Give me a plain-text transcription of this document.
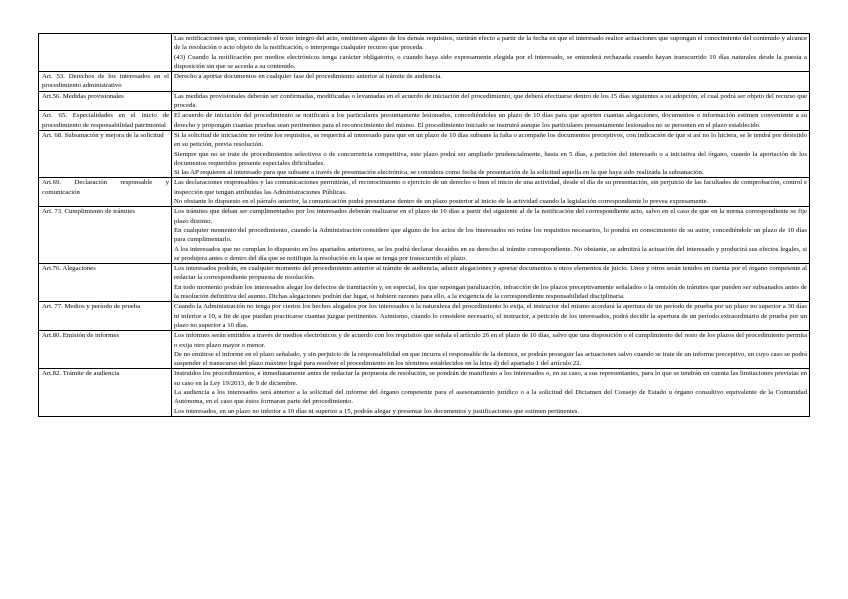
	Las notificaciones que, conteniendo el texto íntegro del acto, omitiesen alguno de los demás requisitos, surtirán efecto a partir de la fecha en que el interesado realice actuaciones que supongan el conocimiento del contenido y alcance de la resolución o acto objeto de la notificación, o interponga cualquier recurso que proceda.

(43) Cuando la notificación por medios electrónicos tenga carácter obligatorio, o cuando haya sido expresamente elegida por el interesado, se entenderá rechazada cuando hayan transcurrido 10 días naturales desde la puesta a disposición sin que se acceda a su contenido.

Art. 53. Derechos de los interesados en el procedimiento administrativo	Derecho a aportar documentos en cualquier fase del procedimiento anterior al trámite de audiencia.

Art.56. Medidas provisionales	Las medidas provisionales deberán ser confirmadas, modificadas o levantadas en el acuerdo de iniciación del procedimiento, que deberá efectuarse dentro de los 15 días siguientes a su adopción, el cual podrá ser objeto del recurso que proceda.

Art. 65. Especialidades en el inicio de procedimiento de responsabilidad patrimonial	El acuerdo de iniciación del procedimiento se notificará a los particulares presuntamente lesionados, concediéndoles un plazo de 10 días para que aporten cuantas alegaciones, documentos o información estimen conveniente a su derecho y propongan cuantas pruebas sean pertinentes para el reconocimiento del mismo. El procedimiento iniciado se instruirá aunque los particulares presuntamente lesionados no se personen en el plazo establecido.

Art. 68. Subsanación y mejora de la solicitud	Si la solicitud de iniciación no reúne los requisitos, se requerirá al interesado para que en un plazo de 10 días subsane la falta o acompañe los documentos preceptivos, con indicación de que si así no lo hiciera, se le tendrá por desistido en su petición, previa resolución.

Siempre que no se trate de procedimientos selectivos o de concurrencia competitiva, este plazo podrá ser ampliado prudencialmente, hasta en 5 días, a petición del interesado o a iniciativa del órgano, cuando la aportación de los documentos requeridos presente especiales dificultades.

Si las AP requieren al interesado para que subsane a través de presentación electrónica, se considera como fecha de presentación de la solicitud aquella en la que haya sido realizada la subsanación.

Art.69. Declaración responsable y comunicación	Las declaraciones responsables y las comunicaciones permitirán, el reconocimiento o ejercicio de un derecho o bien el inicio de una actividad, desde el día de su presentación, sin perjuicio de las facultades de comprobación, control e inspección que tengan atribuidas las Administraciones Públicas.

No obstante lo dispuesto en el párrafo anterior, la comunicación podrá presentarse dentro de un plazo posterior al inicio de la actividad cuando la legislación correspondiente lo prevea expresamente.

Art. 73. Cumplimiento de trámites	Los trámites que deban ser cumplimentados por los interesados deberán realizarse en el plazo de 10 días a partir del siguiente al de la notificación del correspondiente acto, salvo en el caso de que en la norma correspondiente se fije plazo distinto.

En cualquier momento del procedimiento, cuando la Administración considere que alguno de los actos de los interesados no reúne los requisitos necesarios, lo pondrá en conocimiento de su autor, concediéndole un plazo de 10 días para cumplimentarlo.

A los interesados que no cumplan lo dispuesto en los apartados anteriores, se les podrá declarar decaídos en su derecho al trámite correspondiente. No obstante, se admitirá la actuación del interesado y producirá sus efectos legales, si se produjera antes o dentro del día que se notifique la resolución en la que se tenga por transcurrido el plazo.

Art.76. Alegaciones	Los interesados podrán, en cualquier momento del procedimiento anterior al trámite de audiencia, aducir alegaciones y aportar documentos u otros elementos de juicio. Unos y otros serán tenidos en cuenta por el órgano competente al redactar la correspondiente propuesta de resolución.

En todo momento podrán los interesados alegar los defectos de tramitación y, en especial, los que supongan paralización, infracción de los plazos preceptivamente señalados o la omisión de trámites que pueden ser subsanados antes de la resolución definitiva del asunto. Dichas alegaciones podrán dar lugar, si hubiere razones para ello, a la exigencia de la correspondiente responsabilidad disciplinaria.

Art. 77. Medios y período de prueba	Cuando la Administración no tenga por ciertos los hechos alegados por los interesados o la naturaleza del procedimiento lo exija, el instructor del mismo acordará la apertura de un período de prueba por un plazo no superior a 30 días ni inferior a 10, a fin de que puedan practicarse cuantas juzgue pertinentes. Asimismo, cuando lo considere necesario, el instructor, a petición de los interesados, podrá decidir la apertura de un período extraordinario de prueba por un plazo no superior a 10 días.

Art.80. Emisión de informes	Los informes serán emitidos a través de medios electrónicos y de acuerdo con los requisitos que señala el artículo 26 en el plazo de 10 días, salvo que una disposición o el cumplimiento del resto de los plazos del procedimiento permita o exija otro plazo mayor o menor.

De no emitirse el informe en el plazo señalado, y sin perjuicio de la responsabilidad en que incurra el responsable de la demora, se podrán proseguir las actuaciones salvo cuando se trate de un informe preceptivo, en cuyo caso se podrá suspender el transcurso del plazo máximo legal para resolver el procedimiento en los términos establecidos en la letra d) del apartado 1 del artículo 22.

Art.82. Trámite de audiencia	Instruidos los procedimientos, e inmediatamente antes de redactar la propuesta de resolución, se pondrán de manifiesto a los interesados o, en su caso, a sus representantes, para lo que se tendrán en cuenta las limitaciones previstas en su caso en la Ley 19/2013, de 9 de diciembre.

La audiencia a los interesados será anterior a la solicitud del informe del órgano competente para el asesoramiento jurídico o a la solicitud del Dictamen del Consejo de Estado u órgano consultivo equivalente de la Comunidad Autónoma, en el caso que éstos formaran parte del procedimiento.

Los interesados, en un plazo no inferior a 10 días ni superior a 15, podrán alegar y presentar los documentos y justificaciones que estimen pertinentes.
